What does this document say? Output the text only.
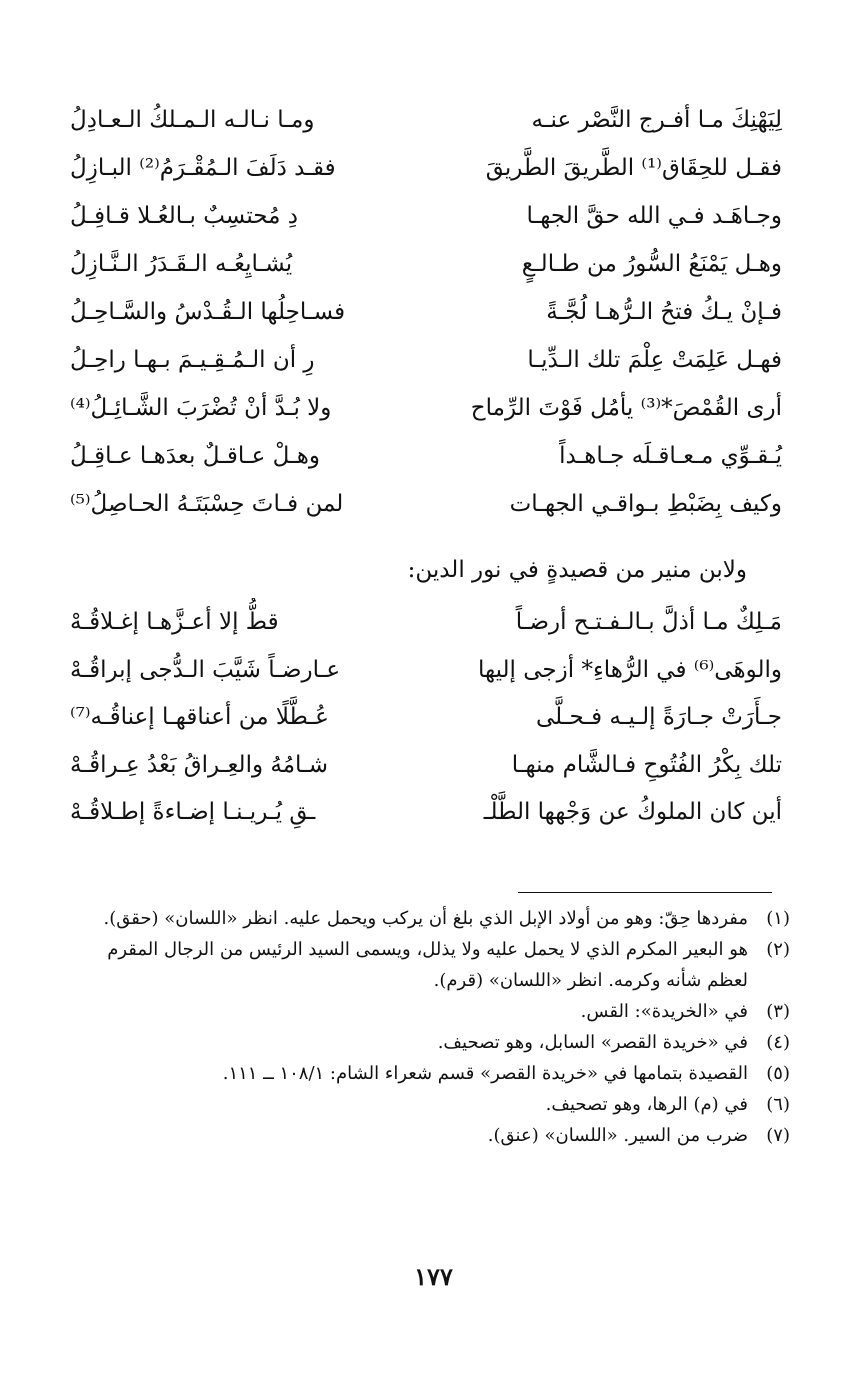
لِيَهْنِكَ مـا أفـرج النَّصْر عنـه
ومـا نـالـه الـمـلكُ الـعـادِلُ
فقـل للحِقَاق⁽¹⁾ الطَّريقَ الطَّريقَ
فقـد دَلَفَ الـمُقْـرَمُ⁽²⁾ البـازِلُ
وجـاهَـد فـي الله حقَّ الجهـا
دِ مُحتسِبٌ بـالعُـلا قـافِـلُ
وهـل يَمْنَعُ السُّورُ من طـالـعٍ
يُشـايِعُـه الـقَـدَرُ الـنَّـازِلُ
فـإنْ يـكُ فتحُ الـرُّهـا لُجَّـةً
فسـاحِلُها الـقُـدْسُ والسَّـاحِـلُ
فهـل عَلِمَتْ عِلْمَ تلك الـدِّيـا
رِ أن الـمُـقِـيـمَ بـهـا راحِـلُ
أرى القُمْصَ*⁽³⁾ يأمُل فَوْتَ الرِّماح
ولا بُـدَّ أنْ تُضْرَبَ الشَّـائِـلُ⁽⁴⁾
يُـقـوِّي مـعـاقـلَه جـاهـداً
وهـلْ عـاقـلٌ بعدَهـا عـاقِـلُ
وكيف بِضَبْطِ بـواقـي الجهـات
لمن فـاتَ حِسْبَتَـهُ الحـاصِلُ⁽⁵⁾
ولابن منير من قصيدةٍ في نور الدين:
مَـلِكٌ مـا أذلَّ بـالـفـتـح أرضـاً
قطُّ إلا أعـزَّهـا إغـلاقُـهْ
والوهَى⁽⁶⁾ في الرُّهاءِ* أزجى إليها
عـارضـاً شَيَّبَ الـدُّجى إبراقُـهْ
جـأَرَتْ جـارَةً إلـيـه فـحـلَّى
عُـطَّلًا من أعناقهـا إعناقُـه⁽⁷⁾
تلك بِكْرُ الفُتُوحِ فـالشَّام منهـا
شـامُهُ والعِـراقُ بَعْدُ عِـراقُـهْ
أين كان الملوكُ عن وَجْهها الطَّلْـ
ـقِ يُـريـنـا إضـاءةً إطـلاقُـهْ
(١)
مفردها حِقّ: وهو من أولاد الإبل الذي بلغ أن يركب ويحمل عليه. انظر «اللسان» (حقق).
(٢)
هو البعير المكرم الذي لا يحمل عليه ولا يذلل، ويسمى السيد الرئيس من الرجال المقرم لعظم شأنه وكرمه. انظر «اللسان» (قرم).
(٣)
في «الخريدة»: القس.
(٤)
في «خريدة القصر» السابل، وهو تصحيف.
(٥)
القصيدة بتمامها في «خريدة القصر» قسم شعراء الشام: ١٠٨/١ ــ ١١١.
(٦)
في (م) الرها، وهو تصحيف.
(٧)
ضرب من السير. «اللسان» (عنق).
١٧٧
